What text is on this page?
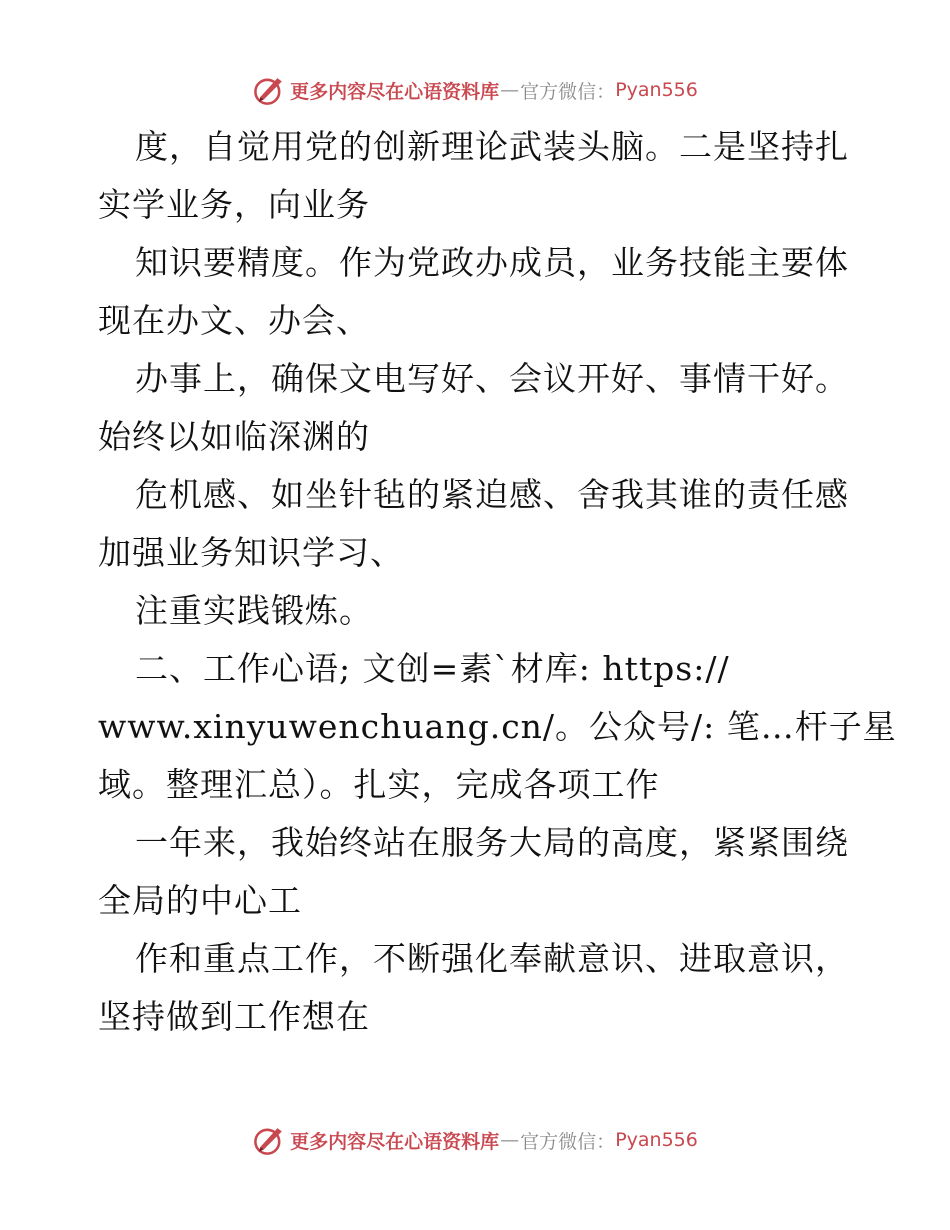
更多内容尽在心语资料库 — 官方微信： Pyan556
度，自觉用党的创新理论武装头脑。二是坚持扎
实学业务，向业务
知识要精度。作为党政办成员，业务技能主要体
现在办文、办会、
办事上，确保文电写好、会议开好、事情干好。
始终以如临深渊的
危机感、如坐针毡的紧迫感、舍我其谁的责任感
加强业务知识学习、
注重实践锻炼。
二、工作心语; 文创=素`材库: https://
www.xinyuwenchuang.cn/。公众号/: 笔…杆子星
域。整理汇总）。扎实，完成各项工作
一年来，我始终站在服务大局的高度，紧紧围绕
全局的中心工
作和重点工作，不断强化奉献意识、进取意识，
坚持做到工作想在
更多内容尽在心语资料库 — 官方微信： Pyan556
